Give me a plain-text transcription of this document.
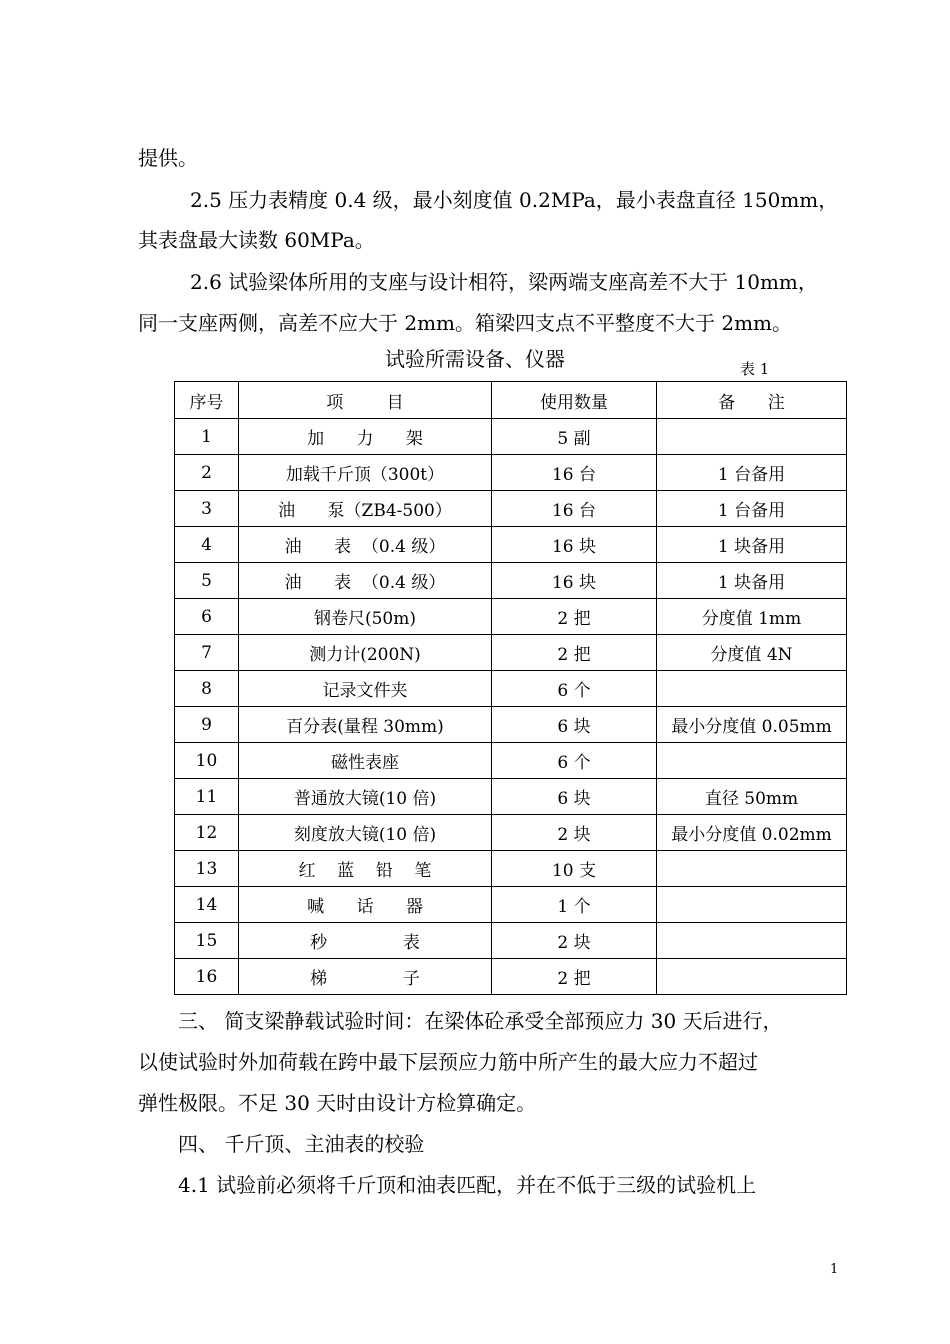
提供。

2.5 压力表精度 0.4 级，最小刻度值 0.2MPa，最小表盘直径 150mm，

其表盘最大读数 60MPa。

2.6 试验梁体所用的支座与设计相符，梁两端支座高差不大于 10mm，

同一支座两侧，高差不应大于 2mm。箱梁四支点不平整度不大于 2mm。

试验所需设备、仪器	表 1
序号	项        目	使用数量	备      注
1	加      力      架	5 副	
2	加载千斤顶（300t）	16 台	1 台备用
3	油      泵（ZB4-500）	16 台	1 台备用
4	油      表  （0.4 级）	16 块	1 块备用
5	油      表  （0.4 级）	16 块	1 块备用
6	钢卷尺(50m)	2 把	分度值 1mm
7	测力计(200N)	2 把	分度值 4N
8	记录文件夹	6 个	
9	百分表(量程 30mm)	6 块	最小分度值 0.05mm
10	磁性表座	6 个	
11	普通放大镜(10 倍)	6 块	直径 50mm
12	刻度放大镜(10 倍)	2 块	最小分度值 0.02mm
13	红    蓝    铅    笔	10 支	
14	喊      话      器	1 个	
15	秒              表	2 块	
16	梯              子	2 把	

三、 简支梁静载试验时间：在梁体砼承受全部预应力 30 天后进行，

以使试验时外加荷载在跨中最下层预应力筋中所产生的最大应力不超过

弹性极限。不足 30 天时由设计方检算确定。

四、 千斤顶、主油表的校验

4.1 试验前必须将千斤顶和油表匹配，并在不低于三级的试验机上

1
